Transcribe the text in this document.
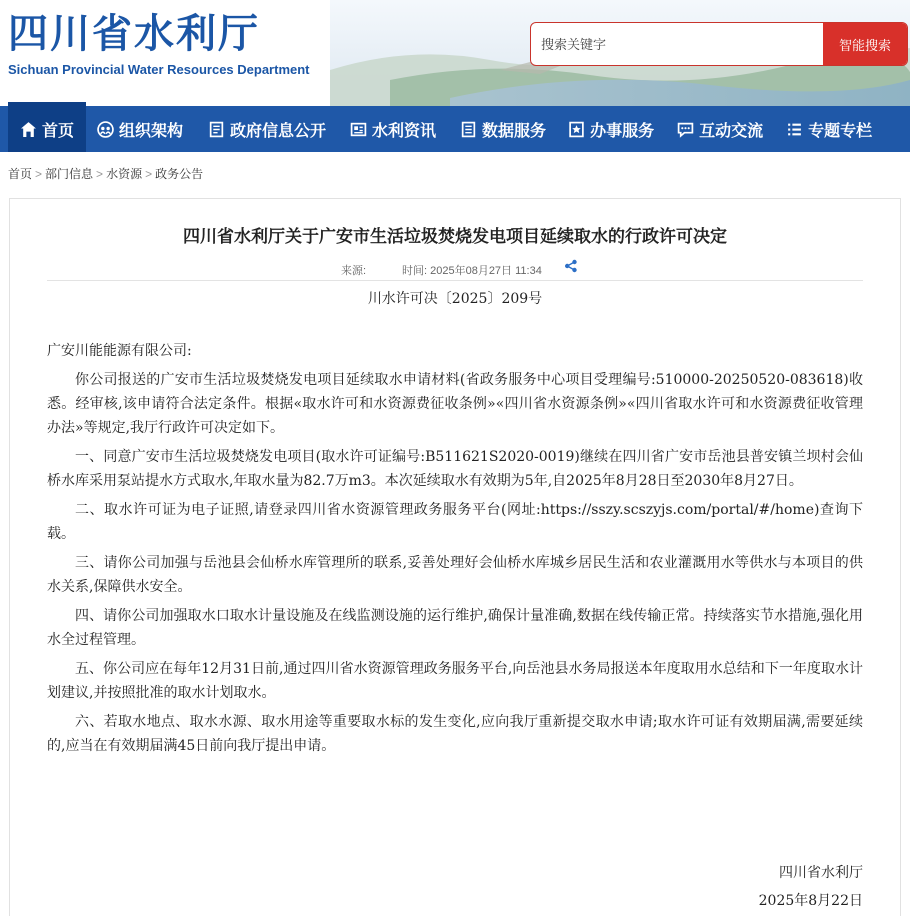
四川省水利厅
Sichuan Provincial Water Resources Department
搜索关键字
智能搜索
首页	组织架构	政府信息公开	水利资讯	数据服务	办事服务	互动交流	专题专栏
首页 > 部门信息 > 水资源 > 政务公告
四川省水利厅关于广安市生活垃圾焚烧发电项目延续取水的行政许可决定
来源:	时间: 2025年08月27日 11:34
川水许可决〔2025〕209号

广安川能能源有限公司:

你公司报送的广安市生活垃圾焚烧发电项目延续取水申请材料(省政务服务中心项目受理编号:510000-20250520-083618)收悉。经审核,该申请符合法定条件。根据«取水许可和水资源费征收条例»«四川省水资源条例»«四川省取水许可和水资源费征收管理办法»等规定,我厅行政许可决定如下。

一、同意广安市生活垃圾焚烧发电项目(取水许可证编号:B511621S2020-0019)继续在四川省广安市岳池县普安镇兰坝村会仙桥水库采用泵站提水方式取水,年取水量为82.7万m3。本次延续取水有效期为5年,自2025年8月28日至2030年8月27日。

二、取水许可证为电子证照,请登录四川省水资源管理政务服务平台(网址:https://sszy.scszyjs.com/portal/#/home)查询下载。

三、请你公司加强与岳池县会仙桥水库管理所的联系,妥善处理好会仙桥水库城乡居民生活和农业灌溉用水等供水与本项目的供水关系,保障供水安全。

四、请你公司加强取水口取水计量设施及在线监测设施的运行维护,确保计量准确,数据在线传输正常。持续落实节水措施,强化用水全过程管理。

五、你公司应在每年12月31日前,通过四川省水资源管理政务服务平台,向岳池县水务局报送本年度取用水总结和下一年度取水计划建议,并按照批准的取水计划取水。

六、若取水地点、取水水源、取水用途等重要取水标的发生变化,应向我厅重新提交取水申请;取水许可证有效期届满,需要延续的,应当在有效期届满45日前向我厅提出申请。

四川省水利厅
2025年8月22日
